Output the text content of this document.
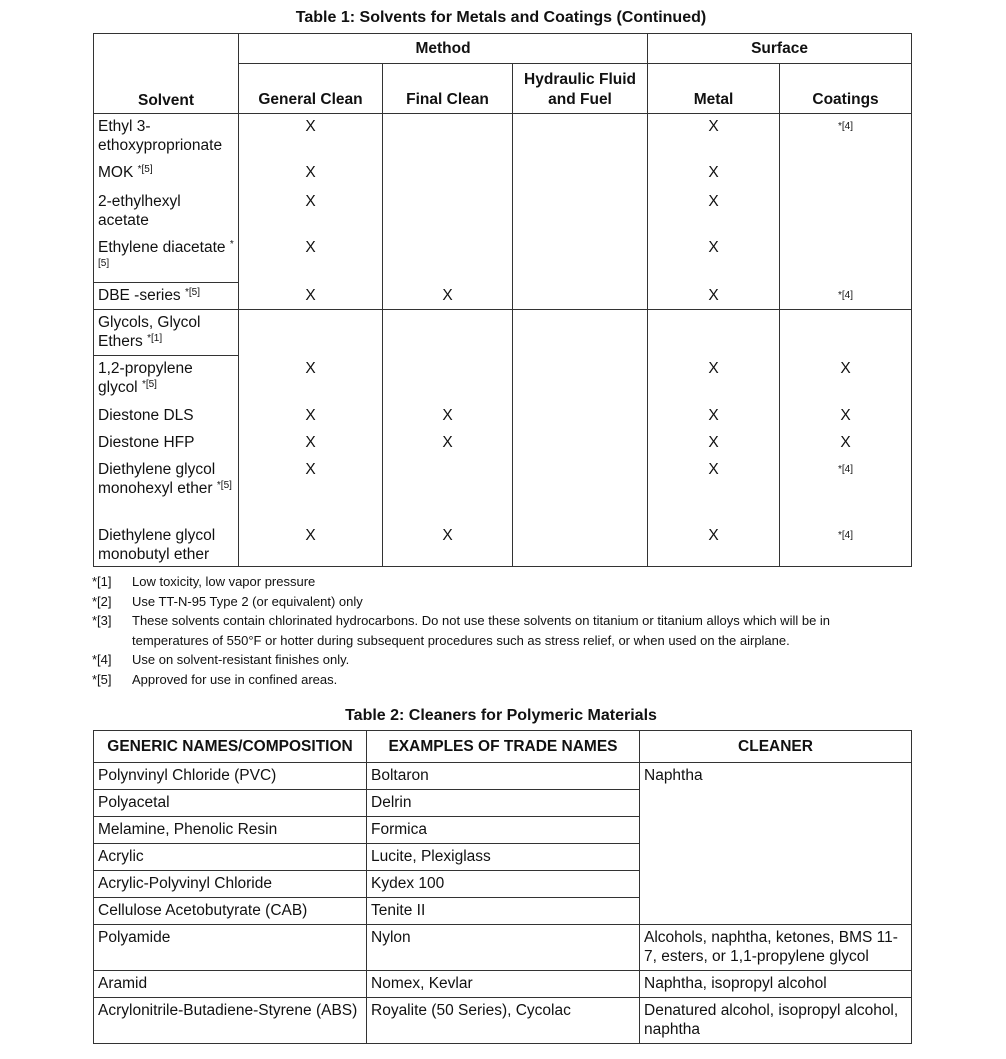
Table 1: Solvents for Metals and Coatings (Continued)
Solvent	Method			Surface	
	General Clean	Final Clean	Hydraulic Fluid and Fuel	Metal	Coatings
Ethyl 3-ethoxyproprionate	X			X	*[4]
MOK $^{*[5]}$	X			X	
2-ethylhexyl acetate	X			X	
Ethylene diacetate $^{*[5]}$	X			X	
DBE -series $^{*[5]}$	X	X		X	*[4]
Glycols, Glycol Ethers $^{*[1]}$					
1,2-propylene glycol $^{*[5]}$	X			X	X
Diestone DLS	X	X		X	X
Diestone HFP	X	X		X	X
Diethylene glycol monohexyl ether $^{*[5]}$	X			X	*[4]
Diethylene glycol monobutyl ether	X	X		X	*[4]
*[1]	Low toxicity, low vapor pressure
*[2]	Use TT-N-95 Type 2 (or equivalent) only
*[3]	These solvents contain chlorinated hydrocarbons. Do not use these solvents on titanium or titanium alloys which will be in temperatures of 550°F or hotter during subsequent procedures such as stress relief, or when used on the airplane.
*[4]	Use on solvent-resistant finishes only.
*[5]	Approved for use in confined areas.
Table 2: Cleaners for Polymeric Materials
GENERIC NAMES/COMPOSITION	EXAMPLES OF TRADE NAMES	CLEANER
Polynvinyl Chloride (PVC)	Boltaron	Naphtha
Polyacetal	Delrin	
Melamine, Phenolic Resin	Formica	
Acrylic	Lucite, Plexiglass	
Acrylic-Polyvinyl Chloride	Kydex 100	
Cellulose Acetobutyrate (CAB)	Tenite II	
Polyamide	Nylon	Alcohols, naphtha, ketones, BMS 11-7, esters, or 1,1-propylene glycol
Aramid	Nomex, Kevlar	Naphtha, isopropyl alcohol
Acrylonitrile-Butadiene-Styrene (ABS)	Royalite (50 Series), Cycolac	Denatured alcohol, isopropyl alcohol, naphtha
